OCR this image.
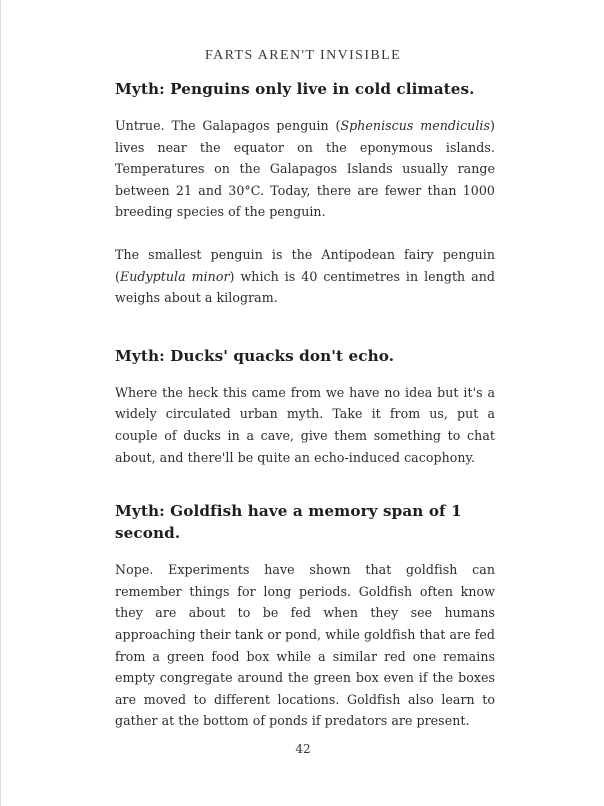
FARTS AREN'T INVISIBLE
Myth: Penguins only live in cold climates.

Untrue. The Galapagos penguin (Spheniscus mendiculis) lives near the equator on the eponymous islands. Temperatures on the Galapagos Islands usually range between 21 and 30°C. Today, there are fewer than 1000 breeding species of the penguin.

The smallest penguin is the Antipodean fairy penguin (Eudyptula minor) which is 40 centimetres in length and weighs about a kilogram.

Myth: Ducks' quacks don't echo.

Where the heck this came from we have no idea but it's a widely circulated urban myth. Take it from us, put a couple of ducks in a cave, give them something to chat about, and there'll be quite an echo-induced cacophony.

Myth: Goldfish have a memory span of 1 second.

Nope. Experiments have shown that goldfish can remember things for long periods. Goldfish often know they are about to be fed when they see humans approaching their tank or pond, while goldfish that are fed from a green food box while a similar red one remains empty congregate around the green box even if the boxes are moved to different locations. Goldfish also learn to gather at the bottom of ponds if predators are present.

42
